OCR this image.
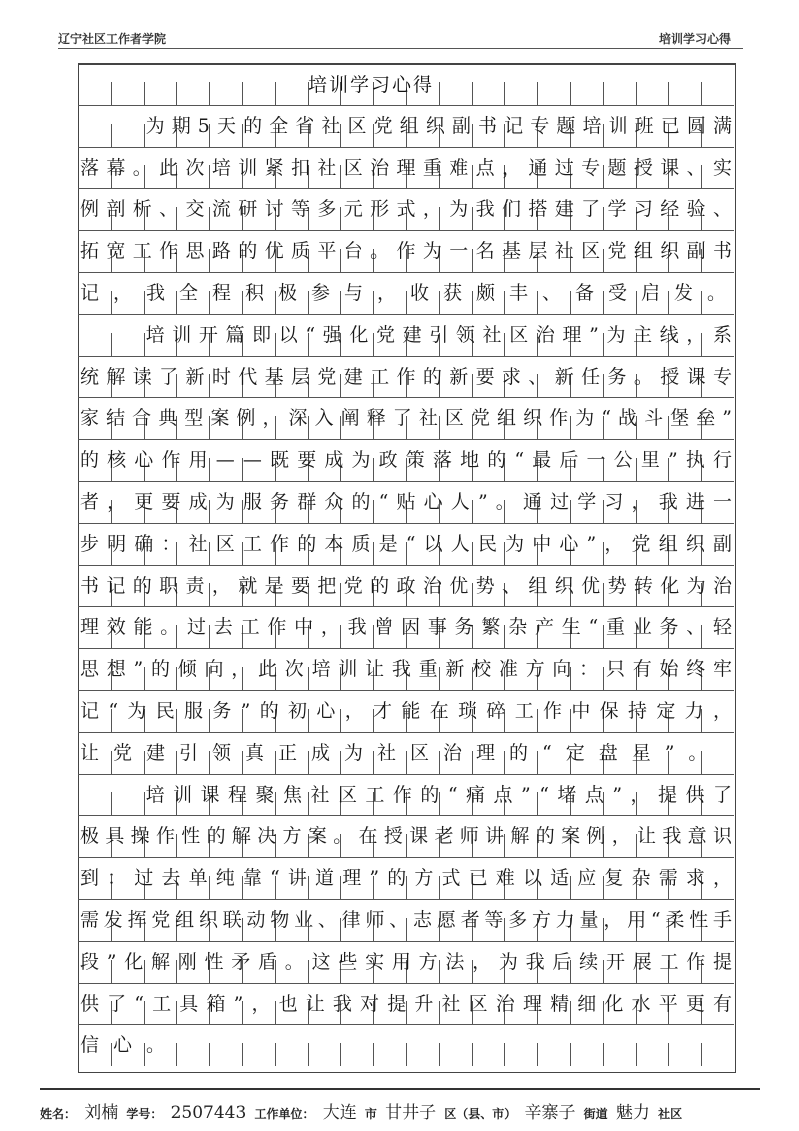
辽宁社区工作者学院	培训学习心得
培训学习心得
为期5天的全省社区党组织副书记专题培训班已圆满
落幕。此次培训紧扣社区治理重难点，通过专题授课、实
例剖析、交流研讨等多元形式，为我们搭建了学习经验、
拓宽工作思路的优质平台。作为一名基层社区党组织副书
记，我全程积极参与，收获颇丰、备受启发。
培训开篇即以“强化党建引领社区治理”为主线，系
统解读了新时代基层党建工作的新要求、新任务。授课专
家结合典型案例，深入阐释了社区党组织作为“战斗堡垒”
的核心作用——既要成为政策落地的“最后一公里”执行
者，更要成为服务群众的“贴心人”。通过学习，我进一
步明确：社区工作的本质是“以人民为中心”，党组织副
书记的职责，就是要把党的政治优势、组织优势转化为治
理效能。过去工作中，我曾因事务繁杂产生“重业务、轻
思想”的倾向，此次培训让我重新校准方向：只有始终牢
记“为民服务”的初心，才能在琐碎工作中保持定力，
让党建引领真正成为社区治理的“定盘星”。
培训课程聚焦社区工作的“痛点”“堵点”，提供了
极具操作性的解决方案。在授课老师讲解的案例，让我意识
到：过去单纯靠“讲道理”的方式已难以适应复杂需求，
需发挥党组织联动物业、律师、志愿者等多方力量，用“柔性手
段”化解刚性矛盾。这些实用方法，为我后续开展工作提
供了“工具箱”，也让我对提升社区治理精细化水平更有
信心。
姓名： 刘楠 学号： 2507443 工作单位： 大连 市 甘井子 区（县、市） 辛寨子 街道 魅力 社区
